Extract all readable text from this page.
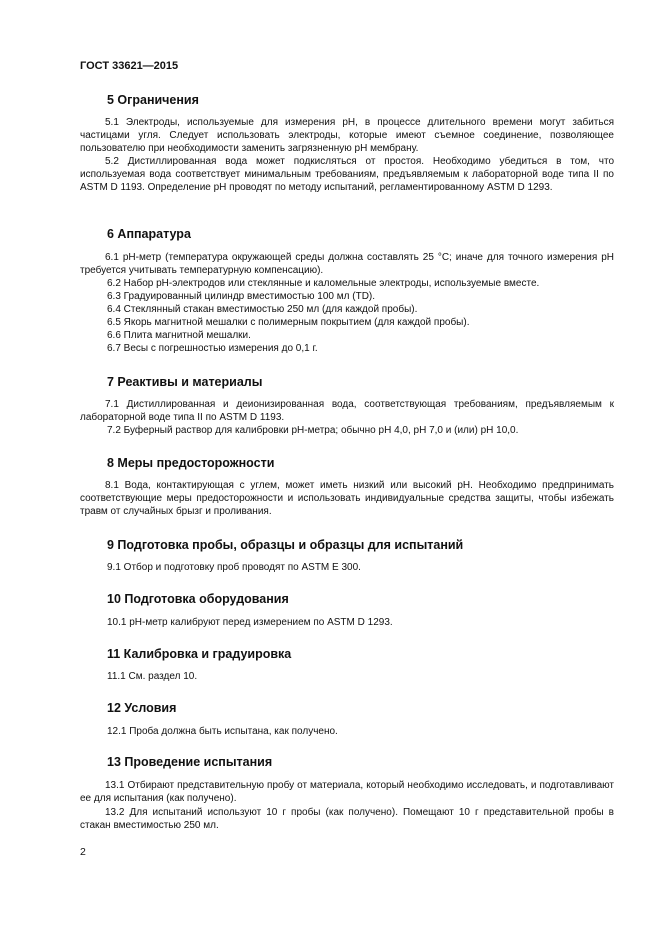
ГОСТ 33621—2015
5 Ограничения

5.1 Электроды, используемые для измерения pH, в процессе длительного времени могут забиться частицами угля. Следует использовать электроды, которые имеют съемное соединение, позволяющее пользователю при необходимости заменить загрязненную pH мембрану.

5.2 Дистиллированная вода может подкисляться от простоя. Необходимо убедиться в том, что используемая вода соответствует минимальным требованиям, предъявляемым к лабораторной воде типа II по ASTM D 1193. Определение pH проводят по методу испытаний, регламентированному ASTM D 1293.

6 Аппаратура

6.1 pH-метр (температура окружающей среды должна составлять 25 °C; иначе для точного измерения pH требуется учитывать температурную компенсацию).

6.2 Набор pH-электродов или стеклянные и каломельные электроды, используемые вместе.

6.3 Градуированный цилиндр вместимостью 100 мл (TD).

6.4 Стеклянный стакан вместимостью 250 мл (для каждой пробы).

6.5 Якорь магнитной мешалки с полимерным покрытием (для каждой пробы).

6.6 Плита магнитной мешалки.

6.7 Весы с погрешностью измерения до 0,1 г.

7 Реактивы и материалы

7.1 Дистиллированная и деионизированная вода, соответствующая требованиям, предъявляемым к лабораторной воде типа II по ASTM D 1193.

7.2 Буферный раствор для калибровки pH-метра; обычно pH 4,0, pH 7,0 и (или) pH 10,0.

8 Меры предосторожности

8.1 Вода, контактирующая с углем, может иметь низкий или высокий pH. Необходимо предпринимать соответствующие меры предосторожности и использовать индивидуальные средства защиты, чтобы избежать травм от случайных брызг и проливания.

9 Подготовка пробы, образцы и образцы для испытаний

9.1 Отбор и подготовку проб проводят по ASTM E 300.

10 Подготовка оборудования

10.1 pH-метр калибруют перед измерением по ASTM D 1293.

11 Калибровка и градуировка

11.1 См. раздел 10.

12 Условия

12.1 Проба должна быть испытана, как получено.

13 Проведение испытания

13.1 Отбирают представительную пробу от материала, который необходимо исследовать, и подготавливают ее для испытания (как получено).

13.2 Для испытаний используют 10 г пробы (как получено). Помещают 10 г представительной пробы в стакан вместимостью 250 мл.

2
